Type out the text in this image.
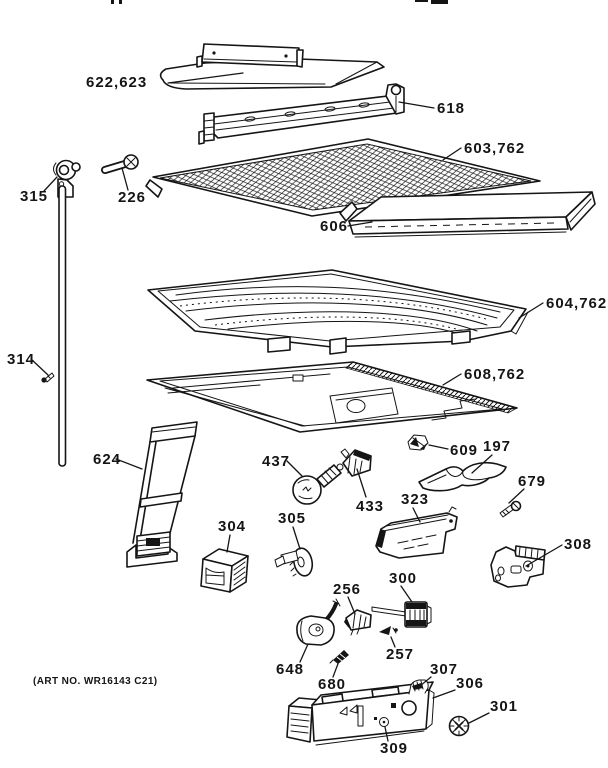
622,623
618
603,762
315	226
606
604,762
314
608,762
624	437
433
609 197
679
304 305
323
308
256
300
257
648
680
307
306
309
301
(ART NO. WR16143 C21)
